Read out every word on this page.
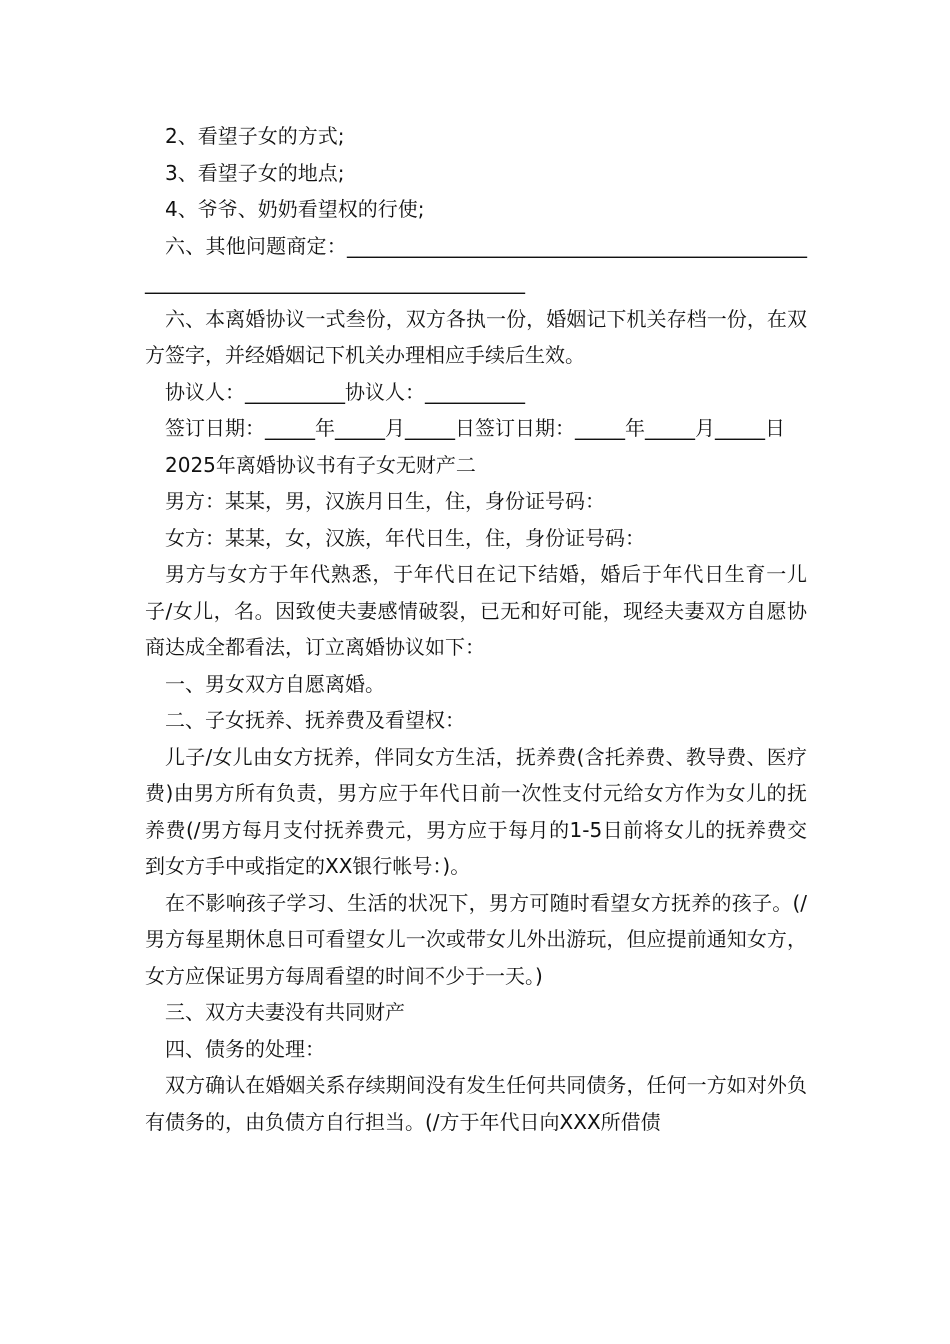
2、看望子女的方式;

3、看望子女的地点;

4、爷爷、奶奶看望权的行使;

六、其他问题商定：____________________________________________________________________________________

六、本离婚协议一式叁份，双方各执一份，婚姻记下机关存档一份，在双方签字，并经婚姻记下机关办理相应手续后生效。

协议人：__________协议人：__________

签订日期：_____年_____月_____日签订日期：_____年_____月_____日

2025年离婚协议书有子女无财产二

男方：某某，男，汉族月日生，住，身份证号码：

女方：某某，女，汉族，年代日生，住，身份证号码：

男方与女方于年代熟悉，于年代日在记下结婚，婚后于年代日生育一儿子/女儿，名。因致使夫妻感情破裂，已无和好可能，现经夫妻双方自愿协商达成全都看法，订立离婚协议如下：

一、男女双方自愿离婚。

二、子女抚养、抚养费及看望权：

儿子/女儿由女方抚养，伴同女方生活，抚养费(含托养费、教导费、医疗费)由男方所有负责，男方应于年代日前一次性支付元给女方作为女儿的抚养费(/男方每月支付抚养费元，男方应于每月的1-5日前将女儿的抚养费交到女方手中或指定的XX银行帐号：)。

在不影响孩子学习、生活的状况下，男方可随时看望女方抚养的孩子。(/男方每星期休息日可看望女儿一次或带女儿外出游玩，但应提前通知女方，女方应保证男方每周看望的时间不少于一天。)

三、双方夫妻没有共同财产

四、债务的处理：

双方确认在婚姻关系存续期间没有发生任何共同债务，任何一方如对外负有债务的，由负债方自行担当。(/方于年代日向XXX所借债
